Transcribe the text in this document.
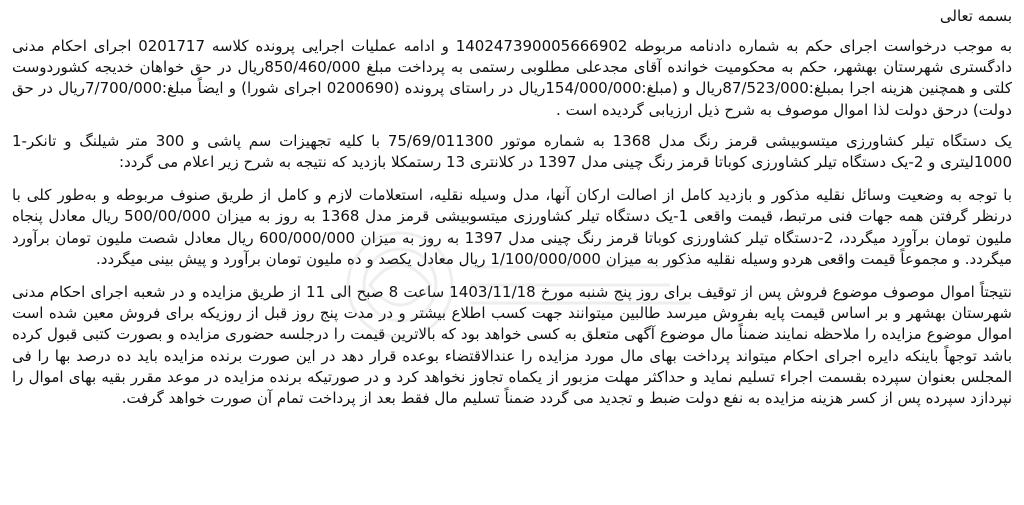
بسمه تعالی

به موجب درخواست اجرای حکم به شماره دادنامه مربوطه 14024739000566690‌2 و ادامه عملیات اجرایی پرونده کلاسه 0201717 اجرای احکام مدنی دادگستری شهرستان بهشهر، حکم به محکومیت خوانده آقای مجدعلی مطلوبی رستمی به پرداخت مبلغ 850/460/000ریال در حق خواهان خدیجه کشوردوست کلتی و همچنین هزینه اجرا بمبلغ:87/523/000ریال و (مبلغ:154/000/000ریال در راستای پرونده (0200690 اجرای شورا) و ایضاً مبلغ:7/700/000ریال در حق دولت) درحق دولت لذا اموال موصوف به شرح ذیل ارزیابی گردیده است .

یک دستگاه تیلر کشاورزی میتسوبیشی قرمز رنگ مدل 1368 به شماره موتور 75/69/011300 با کلیه تجهیزات سم پاشی و 300 متر شیلنگ و تانکر-1 1000لیتری و 2-یک دستگاه تیلر کشاورزی کوباتا قرمز رنگ چینی مدل 1397 در کلانتری 13 رستمکلا بازدید که نتیجه به شرح زیر اعلام می گردد:

با توجه به وضعیت وسائل نقلیه مذکور و بازدید کامل از اصالت ارکان آنها، مدل وسیله نقلیه، استعلامات لازم و کامل از طریق صنوف مربوطه و به‌طور کلی با درنظر گرفتن همه جهات فنی مرتبط، قیمت واقعی 1-یک دستگاه تیلر کشاورزی میتسوبیشی قرمز مدل 1368 به روز به میزان 500/00/000 ریال معادل پنجاه ملیون تومان برآورد میگردد، 2-دستگاه تیلر کشاورزی کوباتا قرمز رنگ چینی مدل 1397 به روز به میزان 600/000/000 ریال معادل شصت ملیون تومان برآورد میگردد. و مجموعاً قیمت واقعی هردو وسیله نقلیه مذکور به میزان 1/100/000/000 ریال معادل یکصد و ده ملیون تومان برآورد و پیش بینی میگردد.

نتیجتاً اموال موصوف موضوع فروش پس از توقیف برای روز پنج شنبه مورخ 1403/11/18 ساعت 8 صبح الی 11 از طریق مزایده و در شعبه اجرای احکام مدنی شهرستان بهشهر و بر اساس قیمت پایه بفروش میرسد طالبین میتوانند جهت کسب اطلاع بیشتر و در مدت پنج روز قبل از روزیکه برای فروش معین شده است اموال موضوع مزایده را ملاحظه نمایند ضمناً مال موضوع آگهی متعلق به کسی خواهد بود که بالاترین قیمت را درجلسه حضوری مزایده و بصورت کتبی قبول کرده باشد توجهاً باینکه دایره اجرای احکام میتواند پرداخت بهای مال مورد مزایده را عندالاقتضاء بوعده قرار دهد در این صورت برنده مزایده باید ده درصد بها را فی المجلس بعنوان سپرده بقسمت اجراء تسلیم نماید و حداکثر مهلت مزبور از یکماه تجاوز نخواهد کرد و در صورتیکه برنده مزایده در موعد مقرر بقیه بهای اموال را نپردازد سپرده پس از کسر هزینه مزایده به نفع دولت ضبط و تجدید می گردد ضمناً تسلیم مال فقط بعد از پرداخت تمام آن صورت خواهد گرفت.
